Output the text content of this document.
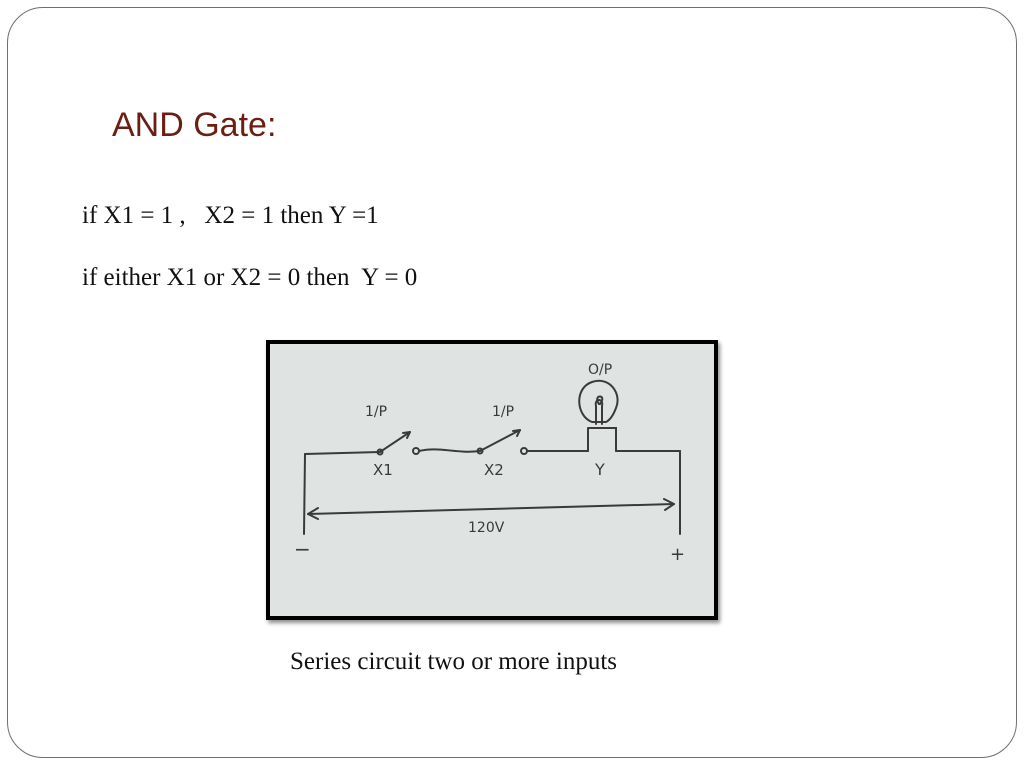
AND Gate:
if X1 = 1 ,   X2 = 1 then Y =1
if either X1 or X2 = 0 then  Y = 0
1/P	1/P
O/P
X1	X2	Y
120V
−	+
Series circuit two or more inputs
